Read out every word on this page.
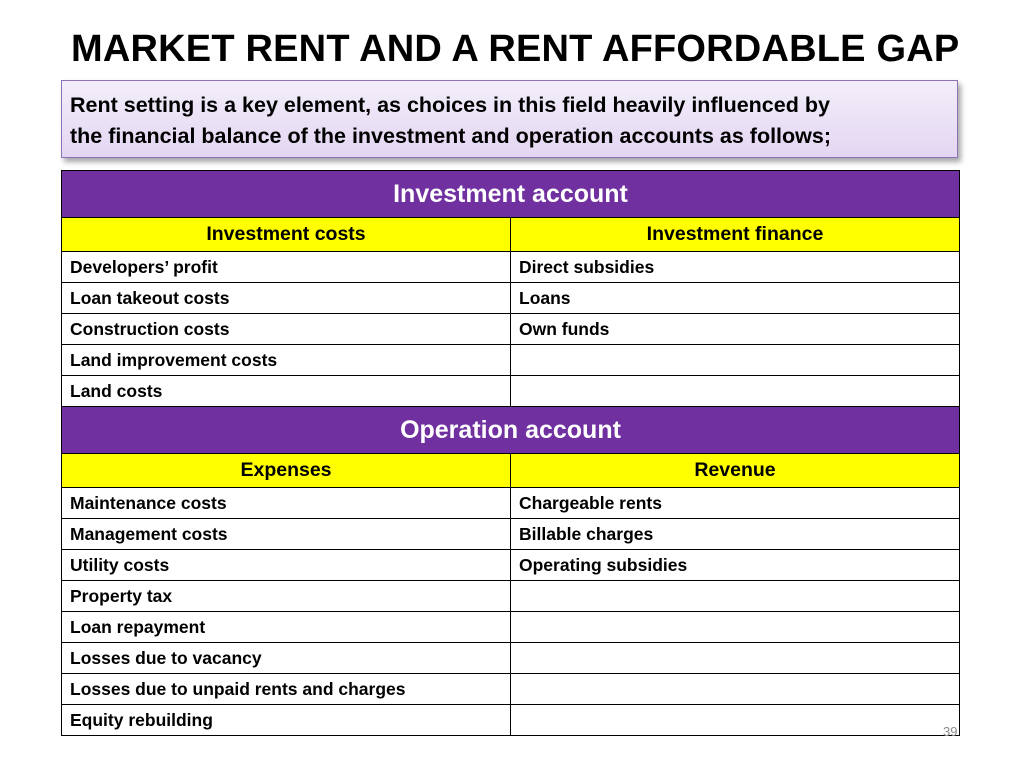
MARKET RENT AND A RENT AFFORDABLE GAP
Rent setting is a key element, as choices in this field heavily influenced by
the financial balance of the investment and operation accounts as follows;
Investment account	
Investment costs	Investment finance
Developers’ profit	Direct subsidies
Loan takeout costs	Loans
Construction costs	Own funds
Land improvement costs	
Land costs	
Operation account	
Expenses	Revenue
Maintenance costs	Chargeable rents
Management costs	Billable charges
Utility costs	Operating subsidies
Property tax	
Loan repayment	
Losses due to vacancy	
Losses due to unpaid rents and charges	
Equity rebuilding	
39
